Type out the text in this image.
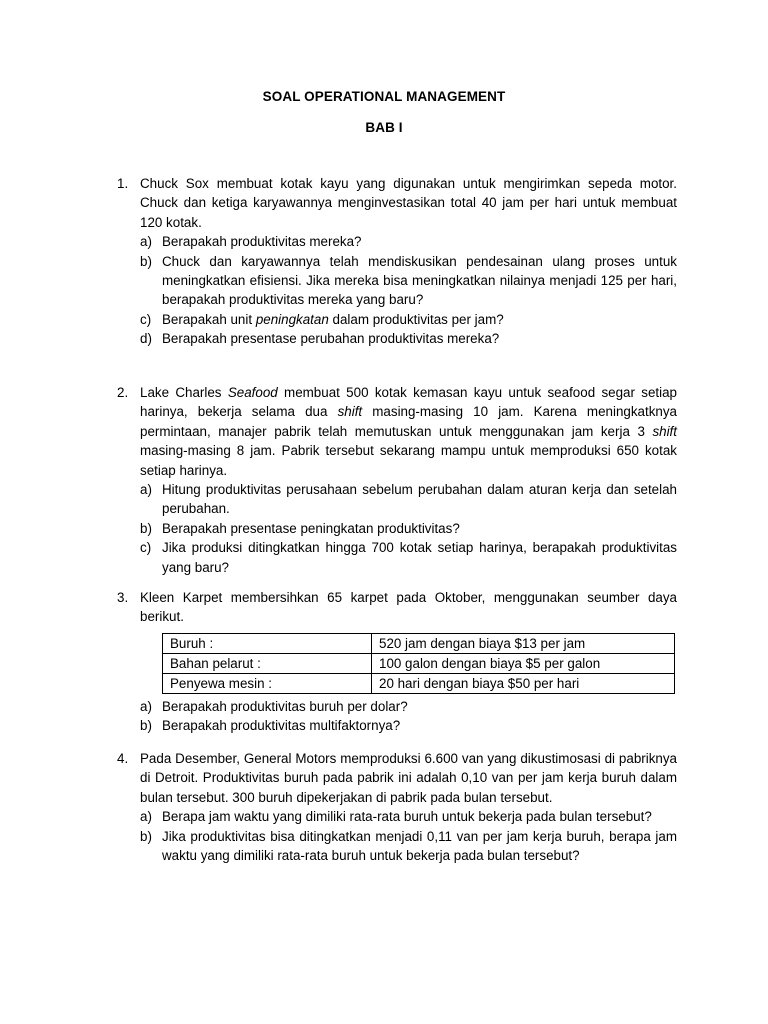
SOAL OPERATIONAL MANAGEMENT
BAB I
1. Chuck Sox membuat kotak kayu yang digunakan untuk mengirimkan sepeda motor. Chuck dan ketiga karyawannya menginvestasikan total 40 jam per hari untuk membuat 120 kotak.
a) Berapakah produktivitas mereka?
b) Chuck dan karyawannya telah mendiskusikan pendesainan ulang proses untuk meningkatkan efisiensi. Jika mereka bisa meningkatkan nilainya menjadi 125 per hari, berapakah produktivitas mereka yang baru?
c) Berapakah unit peningkatan dalam produktivitas per jam?
d) Berapakah presentase perubahan produktivitas mereka?
2. Lake Charles Seafood membuat 500 kotak kemasan kayu untuk seafood segar setiap harinya, bekerja selama dua shift masing-masing 10 jam. Karena meningkatknya permintaan, manajer pabrik telah memutuskan untuk menggunakan jam kerja 3 shift masing-masing 8 jam. Pabrik tersebut sekarang mampu untuk memproduksi 650 kotak setiap harinya.
a) Hitung produktivitas perusahaan sebelum perubahan dalam aturan kerja dan setelah perubahan.
b) Berapakah presentase peningkatan produktivitas?
c) Jika produksi ditingkatkan hingga 700 kotak setiap harinya, berapakah produktivitas yang baru?
3. Kleen Karpet membersihkan 65 karpet pada Oktober, menggunakan seumber daya berikut.
Buruh :	520 jam dengan biaya $13 per jam
Bahan pelarut :	100 galon dengan biaya $5 per galon
Penyewa mesin :	20 hari dengan biaya $50 per hari
a) Berapakah produktivitas buruh per dolar?
b) Berapakah produktivitas multifaktornya?
4. Pada Desember, General Motors memproduksi 6.600 van yang dikustimosasi di pabriknya di Detroit. Produktivitas buruh pada pabrik ini adalah 0,10 van per jam kerja buruh dalam bulan tersebut. 300 buruh dipekerjakan di pabrik pada bulan tersebut.
a) Berapa jam waktu yang dimiliki rata-rata buruh untuk bekerja pada bulan tersebut?
b) Jika produktivitas bisa ditingkatkan menjadi 0,11 van per jam kerja buruh, berapa jam waktu yang dimiliki rata-rata buruh untuk bekerja pada bulan tersebut?
